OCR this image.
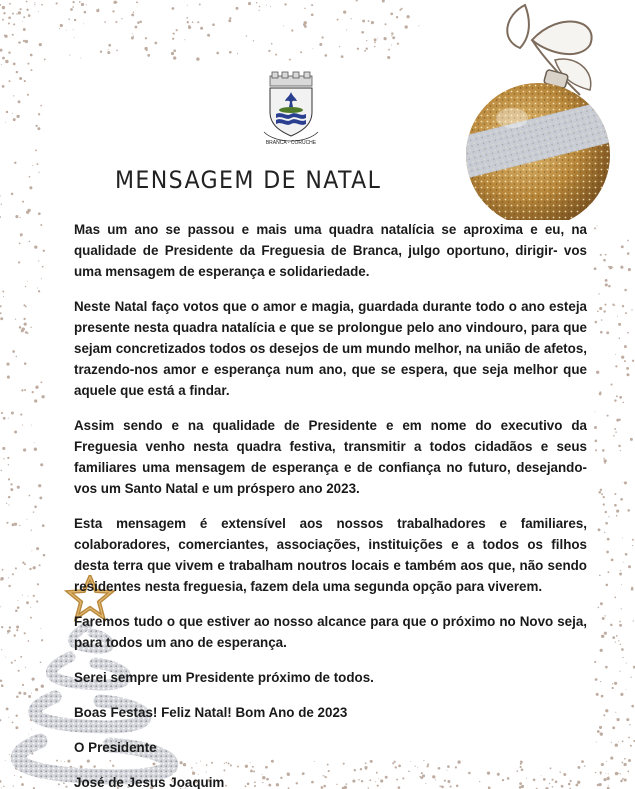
BRANCA - CORUCHE
MENSAGEM DE NATAL

Mas um ano se passou e mais uma quadra natalícia se aproxima e eu, na qualidade de Presidente da Freguesia de Branca, julgo oportuno, dirigir- vos uma mensagem de esperança e solidariedade.

Neste Natal faço votos que o amor e magia, guardada durante todo o ano esteja presente nesta quadra natalícia e que se prolongue pelo ano vindouro, para que sejam concretizados todos os desejos de um mundo melhor, na união de afetos, trazendo-nos amor e esperança num ano, que se espera, que seja melhor que aquele que está a findar.

Assim sendo e na qualidade de Presidente e em nome do executivo da Freguesia venho nesta quadra festiva, transmitir a todos cidadãos e seus familiares uma mensagem de esperança e de confiança no futuro, desejando-vos um Santo Natal e um próspero ano 2023.

Esta mensagem é extensível aos nossos trabalhadores e familiares, colaboradores, comerciantes, associações, instituições e a todos os filhos desta terra que vivem e trabalham noutros locais e também aos que, não sendo residentes nesta freguesia, fazem dela uma segunda opção para viverem.

Faremos tudo o que estiver ao nosso alcance para que o próximo no Novo seja, para todos um ano de esperança.

Serei sempre um Presidente próximo de todos.

Boas Festas! Feliz Natal! Bom Ano de 2023

O Presidente

José de Jesus Joaquim
